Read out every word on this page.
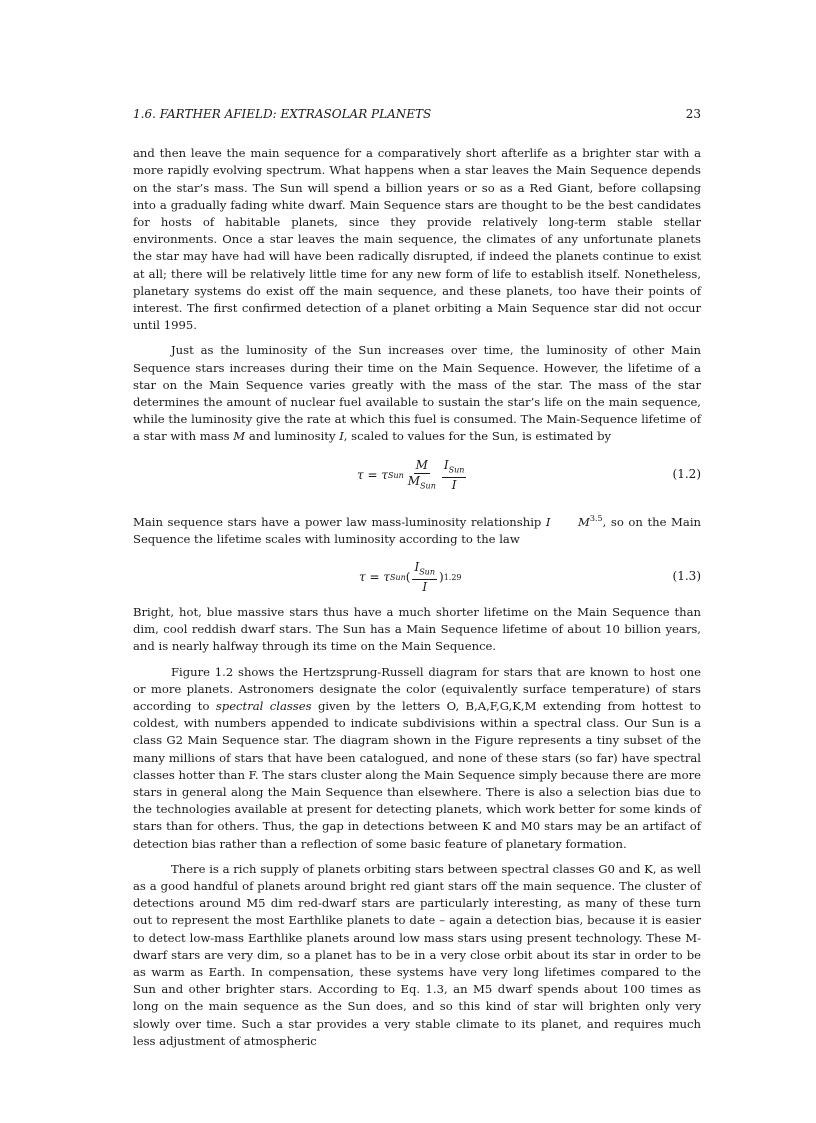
1.6. FARTHER AFIELD: EXTRASOLAR PLANETS	23

and then leave the main sequence for a comparatively short afterlife as a brighter star with a more rapidly evolving spectrum. What happens when a star leaves the Main Sequence depends on the star’s mass. The Sun will spend a billion years or so as a Red Giant, before collapsing into a gradually fading white dwarf. Main Sequence stars are thought to be the best candidates for hosts of habitable planets, since they provide relatively long-term stable stellar environments. Once a star leaves the main sequence, the climates of any unfortunate planets the star may have had will have been radically disrupted, if indeed the planets continue to exist at all; there will be relatively little time for any new form of life to establish itself. Nonetheless, planetary systems do exist off the main sequence, and these planets, too have their points of interest. The first confirmed detection of a planet orbiting a Main Sequence star did not occur until 1995.

Just as the luminosity of the Sun increases over time, the luminosity of other Main Sequence stars increases during their time on the Main Sequence. However, the lifetime of a star on the Main Sequence varies greatly with the mass of the star. The mass of the star determines the amount of nuclear fuel available to sustain the star’s life on the main sequence, while the luminosity give the rate at which this fuel is consumed. The Main-Sequence lifetime of a star with mass M and luminosity I, scaled to values for the Sun, is estimated by

τ = τ Sun $\frac{M}{M_{Sun}} \frac{I_{Sun}}{I}$	(1.2)

Main sequence stars have a power law mass-luminosity relationship I      $M^{3.5}$, so on the Main Sequence the lifetime scales with luminosity according to the law

τ = τ Sun ( $\frac{I_{Sun}}{I}$ ) 1.29	(1.3)

Bright, hot, blue massive stars thus have a much shorter lifetime on the Main Sequence than dim, cool reddish dwarf stars. The Sun has a Main Sequence lifetime of about 10 billion years, and is nearly halfway through its time on the Main Sequence.

Figure 1.2 shows the Hertzsprung-Russell diagram for stars that are known to host one or more planets. Astronomers designate the color (equivalently surface temperature) of stars according to spectral classes given by the letters O, B,A,F,G,K,M extending from hottest to coldest, with numbers appended to indicate subdivisions within a spectral class. Our Sun is a class G2 Main Sequence star. The diagram shown in the Figure represents a tiny subset of the many millions of stars that have been catalogued, and none of these stars (so far) have spectral classes hotter than F. The stars cluster along the Main Sequence simply because there are more stars in general along the Main Sequence than elsewhere. There is also a selection bias due to the technologies available at present for detecting planets, which work better for some kinds of stars than for others. Thus, the gap in detections between K and M0 stars may be an artifact of detection bias rather than a reflection of some basic feature of planetary formation.

There is a rich supply of planets orbiting stars between spectral classes G0 and K, as well as a good handful of planets around bright red giant stars off the main sequence. The cluster of detections around M5 dim red-dwarf stars are particularly interesting, as many of these turn out to represent the most Earthlike planets to date – again a detection bias, because it is easier to detect low-mass Earthlike planets around low mass stars using present technology. These M-dwarf stars are very dim, so a planet has to be in a very close orbit about its star in order to be as warm as Earth. In compensation, these systems have very long lifetimes compared to the Sun and other brighter stars. According to Eq. 1.3, an M5 dwarf spends about 100 times as long on the main sequence as the Sun does, and so this kind of star will brighten only very slowly over time. Such a star provides a very stable climate to its planet, and requires much less adjustment of atmospheric
